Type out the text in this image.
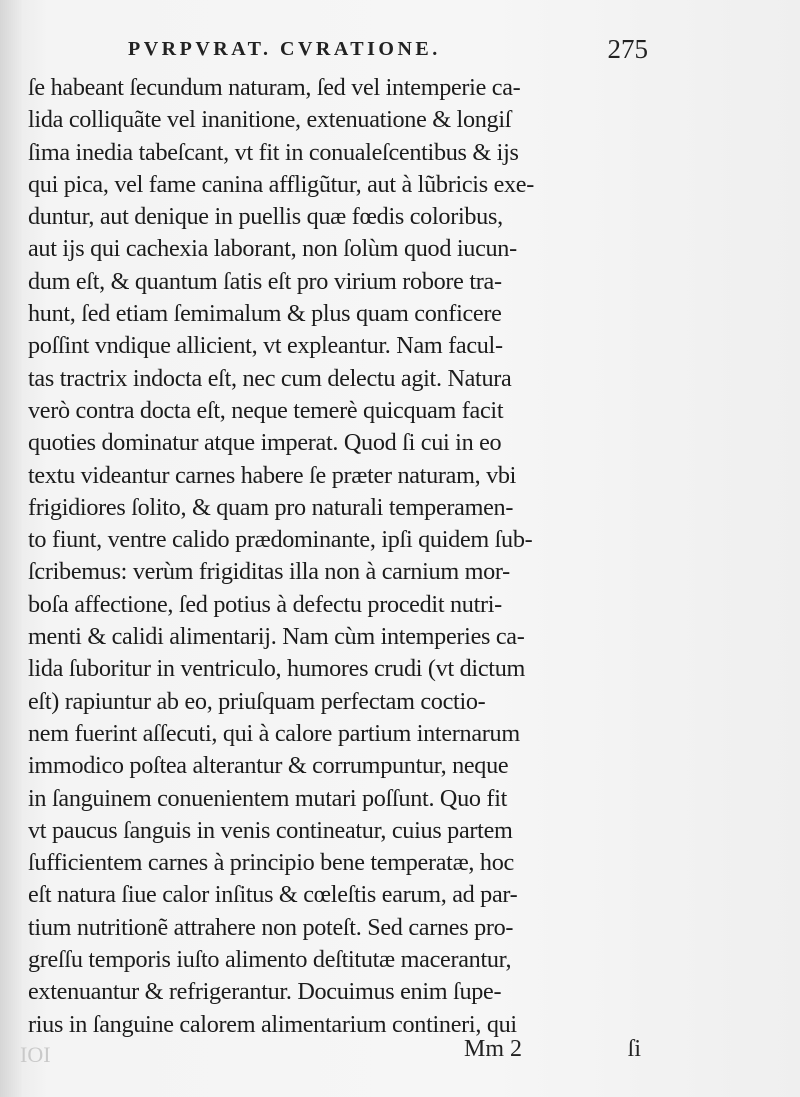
PVRPVRAT. CVRATIONE.	275
ſe habeant ſecundum naturam, ſed vel intemperie ca-
lida colliquãte vel inanitione, extenuatione & longiſ
ſima inedia tabeſcant, vt fit in conualeſcentibus & ijs
qui pica, vel fame canina affligũtur, aut à lũbricis exe-
duntur, aut denique in puellis quæ fœdis coloribus,
aut ijs qui cachexia laborant, non ſolùm quod iucun-
dum eſt, & quantum ſatis eſt pro virium robore tra-
hunt, ſed etiam ſemimalum & plus quam conficere
poſſint vndique allicient, vt expleantur. Nam facul-
tas tractrix indocta eſt, nec cum delectu agit. Natura
verò contra docta eſt, neque temerè quicquam facit
quoties dominatur atque imperat. Quod ſi cui in eo
textu videantur carnes habere ſe præter naturam, vbi
frigidiores ſolito, & quam pro naturali temperamen-
to fiunt, ventre calido prædominante, ipſi quidem ſub-
ſcribemus: verùm frigiditas illa non à carnium mor-
boſa affectione, ſed potius à defectu procedit nutri-
menti & calidi alimentarij. Nam cùm intemperies ca-
lida ſuboritur in ventriculo, humores crudi (vt dictum
eſt) rapiuntur ab eo, priuſquam perfectam coctio-
nem fuerint aſſecuti, qui à calore partium internarum
immodico poſtea alterantur & corrumpuntur, neque
in ſanguinem conuenientem mutari poſſunt. Quo fit
vt paucus ſanguis in venis contineatur, cuius partem
ſufficientem carnes à principio bene temperatæ, hoc
eſt natura ſiue calor inſitus & cœleſtis earum, ad par-
tium nutritionẽ attrahere non poteſt. Sed carnes pro-
greſſu temporis iuſto alimento deſtitutæ macerantur,
extenuantur & refrigerantur. Docuimus enim ſupe-
rius in ſanguine calorem alimentarium contineri, qui
IOI	Mm 2	ſi
